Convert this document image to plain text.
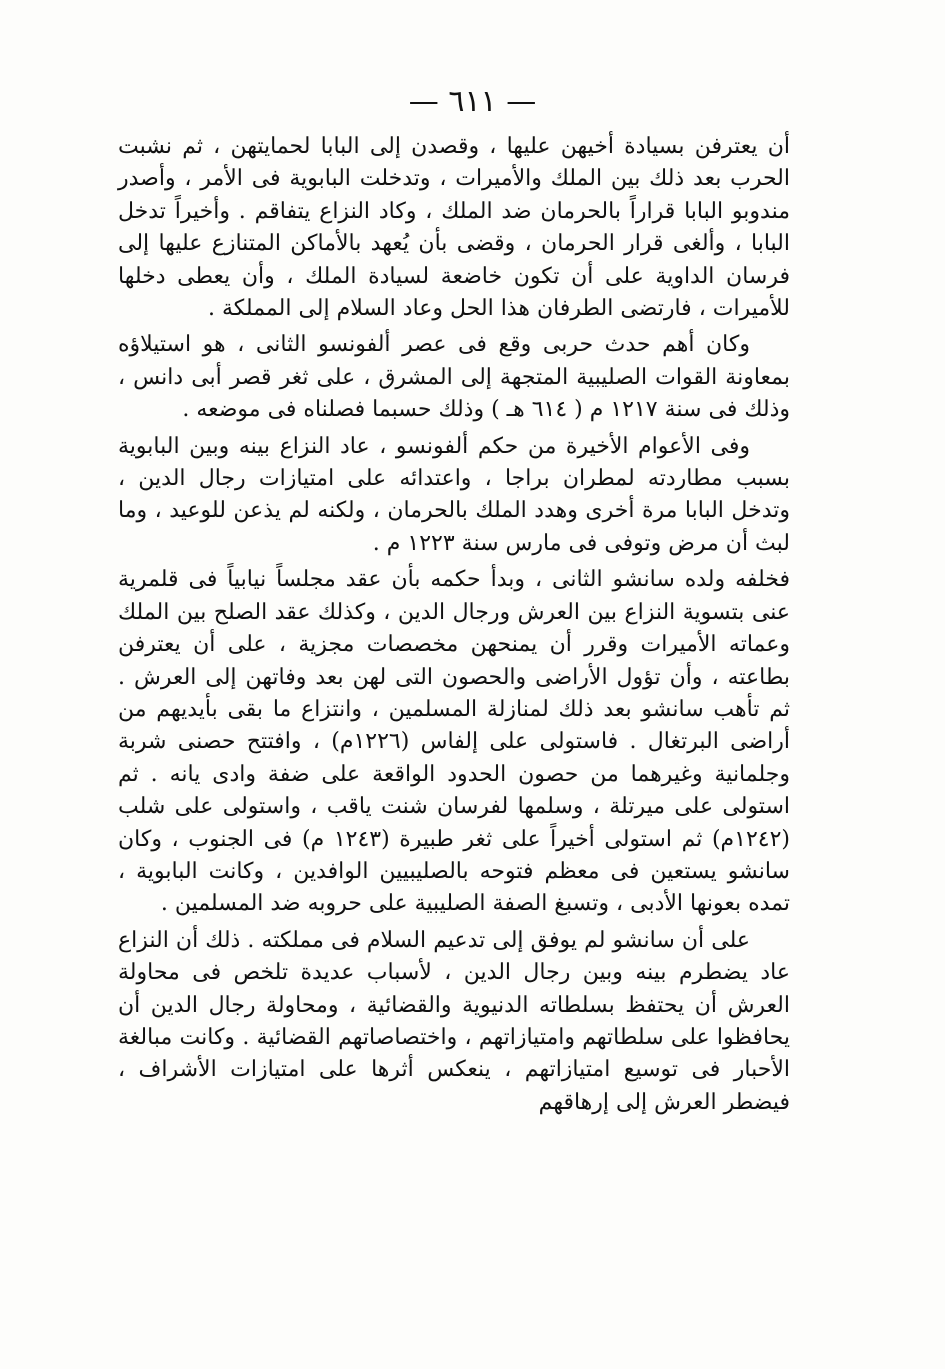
— ٦١١ —

أن يعترفن بسيادة أخيهن عليها ، وقصدن إلى البابا لحمايتهن ، ثم نشبت الحرب بعد ذلك بين الملك والأميرات ، وتدخلت البابوية فى الأمر ، وأصدر مندوبو البابا قراراً بالحرمان ضد الملك ، وكاد النزاع يتفاقم . وأخيراً تدخل البابا ، وألغى قرار الحرمان ، وقضى بأن يُعهد بالأماكن المتنازع عليها إلى فرسان الداوية على أن تكون خاضعة لسيادة الملك ، وأن يعطى دخلها للأميرات ، فارتضى الطرفان هذا الحل وعاد السلام إلى المملكة .

وكان أهم حدث حربى وقع فى عصر ألفونسو الثانى ، هو استيلاؤه بمعاونة القوات الصليبية المتجهة إلى المشرق ، على ثغر قصر أبى دانس ، وذلك فى سنة ١٢١٧ م ( ٦١٤ هـ ) وذلك حسبما فصلناه فى موضعه .

وفى الأعوام الأخيرة من حكم ألفونسو ، عاد النزاع بينه وبين البابوية بسبب مطاردته لمطران براجا ، واعتدائه على امتيازات رجال الدين ، وتدخل البابا مرة أخرى وهدد الملك بالحرمان ، ولكنه لم يذعن للوعيد ، وما لبث أن مرض وتوفى فى مارس سنة ١٢٢٣ م .

فخلفه ولده سانشو الثانى ، وبدأ حكمه بأن عقد مجلساً نيابياً فى قلمرية عنى بتسوية النزاع بين العرش ورجال الدين ، وكذلك عقد الصلح بين الملك وعماته الأميرات وقرر أن يمنحهن مخصصات مجزية ، على أن يعترفن بطاعته ، وأن تؤول الأراضى والحصون التى لهن بعد وفاتهن إلى العرش . ثم تأهب سانشو بعد ذلك لمنازلة المسلمين ، وانتزاع ما بقى بأيديهم من أراضى البرتغال . فاستولى على إلفاس (١٢٢٦م) ، وافتتح حصنى شربة وجلمانية وغيرهما من حصون الحدود الواقعة على ضفة وادى يانه . ثم استولى على ميرتلة ، وسلمها لفرسان شنت ياقب ، واستولى على شلب (١٢٤٢م) ثم استولى أخيراً على ثغر طبيرة (١٢٤٣ م) فى الجنوب ، وكان سانشو يستعين فى معظم فتوحه بالصليبيين الوافدين ، وكانت البابوية ، تمده بعونها الأدبى ، وتسبغ الصفة الصليبية على حروبه ضد المسلمين .

على أن سانشو لم يوفق إلى تدعيم السلام فى مملكته . ذلك أن النزاع عاد يضطرم بينه وبين رجال الدين ، لأسباب عديدة تلخص فى محاولة العرش أن يحتفظ بسلطاته الدنيوية والقضائية ، ومحاولة رجال الدين أن يحافظوا على سلطاتهم وامتيازاتهم ، واختصاصاتهم القضائية . وكانت مبالغة الأحبار فى توسيع امتيازاتهم ، ينعكس أثرها على امتيازات الأشراف ، فيضطر العرش إلى إرهاقهم
